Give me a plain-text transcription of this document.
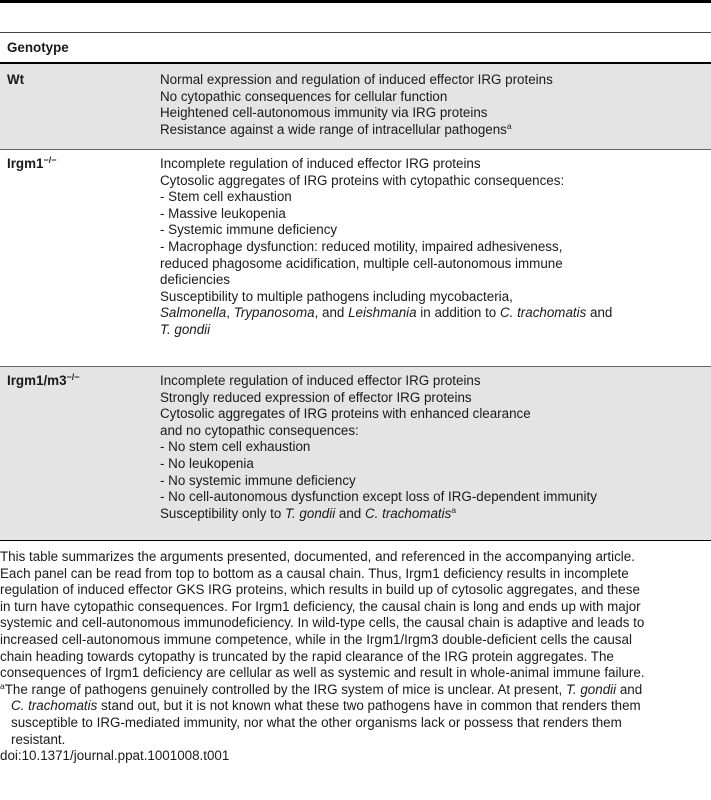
Genotype
Wt	Normal expression and regulation of induced effector IRG proteins
No cytopathic consequences for cellular function
Heightened cell-autonomous immunity via IRG proteins
Resistance against a wide range of intracellular pathogens$^a$
Irgm1−/−	Incomplete regulation of induced effector IRG proteins
Cytosolic aggregates of IRG proteins with cytopathic consequences:
- Stem cell exhaustion
- Massive leukopenia
- Systemic immune deficiency
- Macrophage dysfunction: reduced motility, impaired adhesiveness,
reduced phagosome acidification, multiple cell-autonomous immune
deficiencies
Susceptibility to multiple pathogens including mycobacteria,
Salmonella, Trypanosoma, and Leishmania in addition to C. trachomatis and
T. gondii
Irgm1/m3−/−	Incomplete regulation of induced effector IRG proteins
Strongly reduced expression of effector IRG proteins
Cytosolic aggregates of IRG proteins with enhanced clearance
and no cytopathic consequences:
- No stem cell exhaustion
- No leukopenia
- No systemic immune deficiency
- No cell-autonomous dysfunction except loss of IRG-dependent immunity
Susceptibility only to T. gondii and C. trachomatis$^a$
This table summarizes the arguments presented, documented, and referenced in the accompanying article.
Each panel can be read from top to bottom as a causal chain. Thus, Irgm1 deficiency results in incomplete
regulation of induced effector GKS IRG proteins, which results in build up of cytosolic aggregates, and these
in turn have cytopathic consequences. For Irgm1 deficiency, the causal chain is long and ends up with major
systemic and cell-autonomous immunodeficiency. In wild-type cells, the causal chain is adaptive and leads to
increased cell-autonomous immune competence, while in the Irgm1/Irgm3 double-deficient cells the causal
chain heading towards cytopathy is truncated by the rapid clearance of the IRG protein aggregates. The
consequences of Irgm1 deficiency are cellular as well as systemic and result in whole-animal immune failure.
$^a$The range of pathogens genuinely controlled by the IRG system of mice is unclear. At present, T. gondii and
C. trachomatis stand out, but it is not known what these two pathogens have in common that renders them
susceptible to IRG-mediated immunity, nor what the other organisms lack or possess that renders them
resistant.
doi:10.1371/journal.ppat.1001008.t001
